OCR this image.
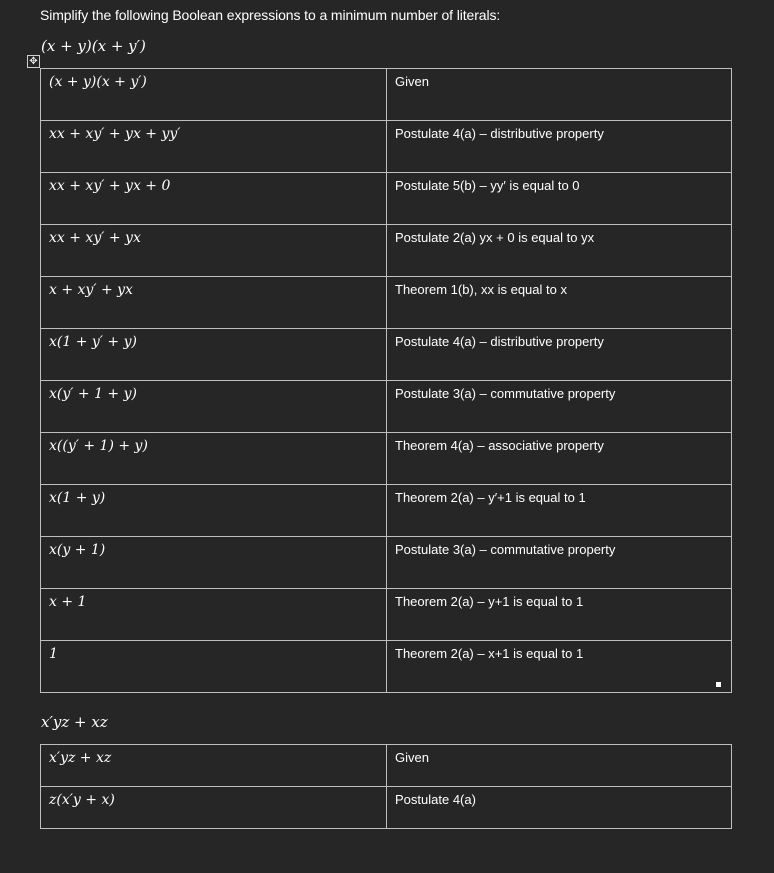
Simplify the following Boolean expressions to a minimum number of literals:
(x + y)(x + y′)
✥
(x + y)(x + y′)	Given
xx + xy′ + yx + yy′	Postulate 4(a) – distributive property
xx + xy′ + yx + 0	Postulate 5(b) – yy′ is equal to 0
xx + xy′ + yx	Postulate 2(a) yx + 0 is equal to yx
x + xy′ + yx	Theorem 1(b), xx is equal to x
x(1 + y′ + y)	Postulate 4(a) – distributive property
x(y′ + 1 + y)	Postulate 3(a) – commutative property
x((y′ + 1) + y)	Theorem 4(a) – associative property
x(1 + y)	Theorem 2(a) – y′+1 is equal to 1
x(y + 1)	Postulate 3(a) – commutative property
x + 1	Theorem 2(a) – y+1 is equal to 1
1	Theorem 2(a) – x+1 is equal to 1
x′yz + xz
x′yz + xz	Given
z(x′y + x)	Postulate 4(a)
